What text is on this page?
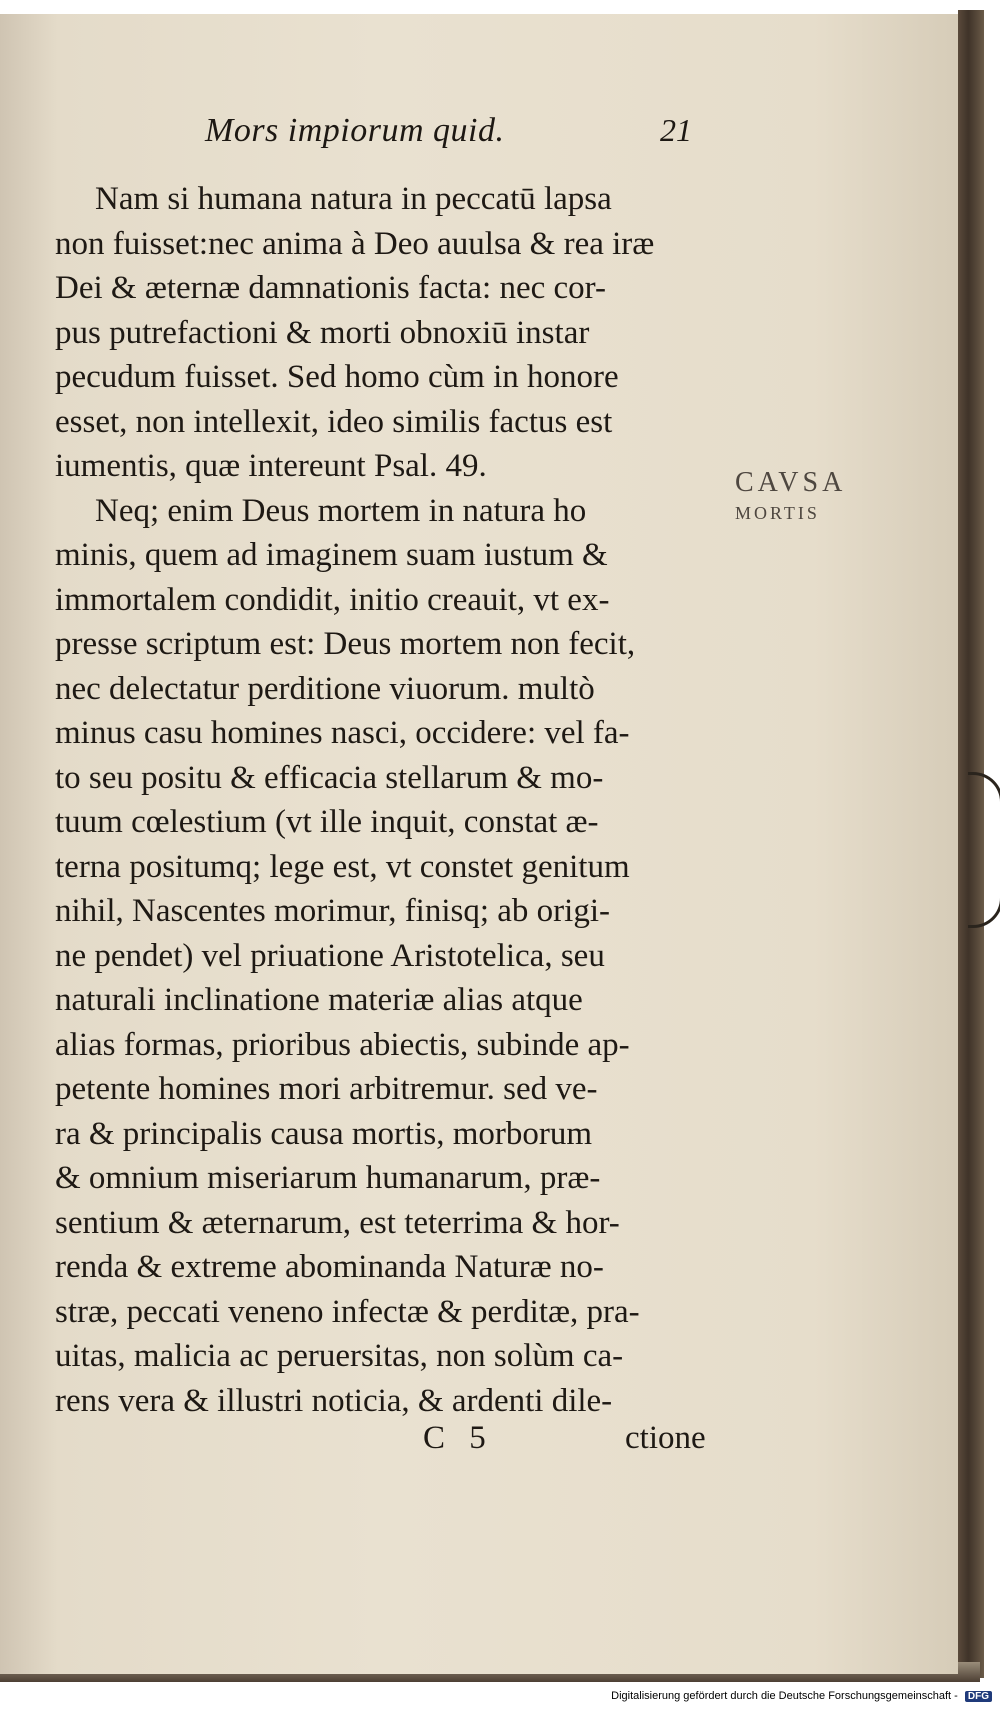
Mors impiorum quid.	21
Nam si humana natura in peccatū lapsa
non fuisset:nec anima à Deo auulsa & rea iræ
Dei & æternæ damnationis facta: nec cor-
pus putrefactioni & morti obnoxiū instar
pecudum fuisset. Sed homo cùm in honore
esset, non intellexit, ideo similis factus est
iumentis, quæ intereunt Psal. 49.
Neq; enim Deus mortem in natura ho
minis, quem ad imaginem suam iustum &
immortalem condidit, initio creauit, vt ex-
presse scriptum est: Deus mortem non fecit,
nec delectatur perditione viuorum. multò
minus casu homines nasci, occidere: vel fa-
to seu positu & efficacia stellarum & mo-
tuum cœlestium (vt ille inquit, constat æ-
terna positumq; lege est, vt constet genitum
nihil, Nascentes morimur, finisq; ab origi-
ne pendet) vel priuatione Aristotelica, seu
naturali inclinatione materiæ alias atque
alias formas, prioribus abiectis, subinde ap-
petente homines mori arbitremur. sed ve-
ra & principalis causa mortis, morborum
& omnium miseriarum humanarum, præ-
sentium & æternarum, est teterrima & hor-
renda & extreme abominanda Naturæ no-
stræ, peccati veneno infectæ & perditæ, pra-
uitas, malicia ac peruersitas, non solùm ca-
rens vera & illustri noticia, & ardenti dile-
CAVSA
MORTIS
C 5	ctione
Digitalisierung gefördert durch die Deutsche Forschungsgemeinschaft - DFG
